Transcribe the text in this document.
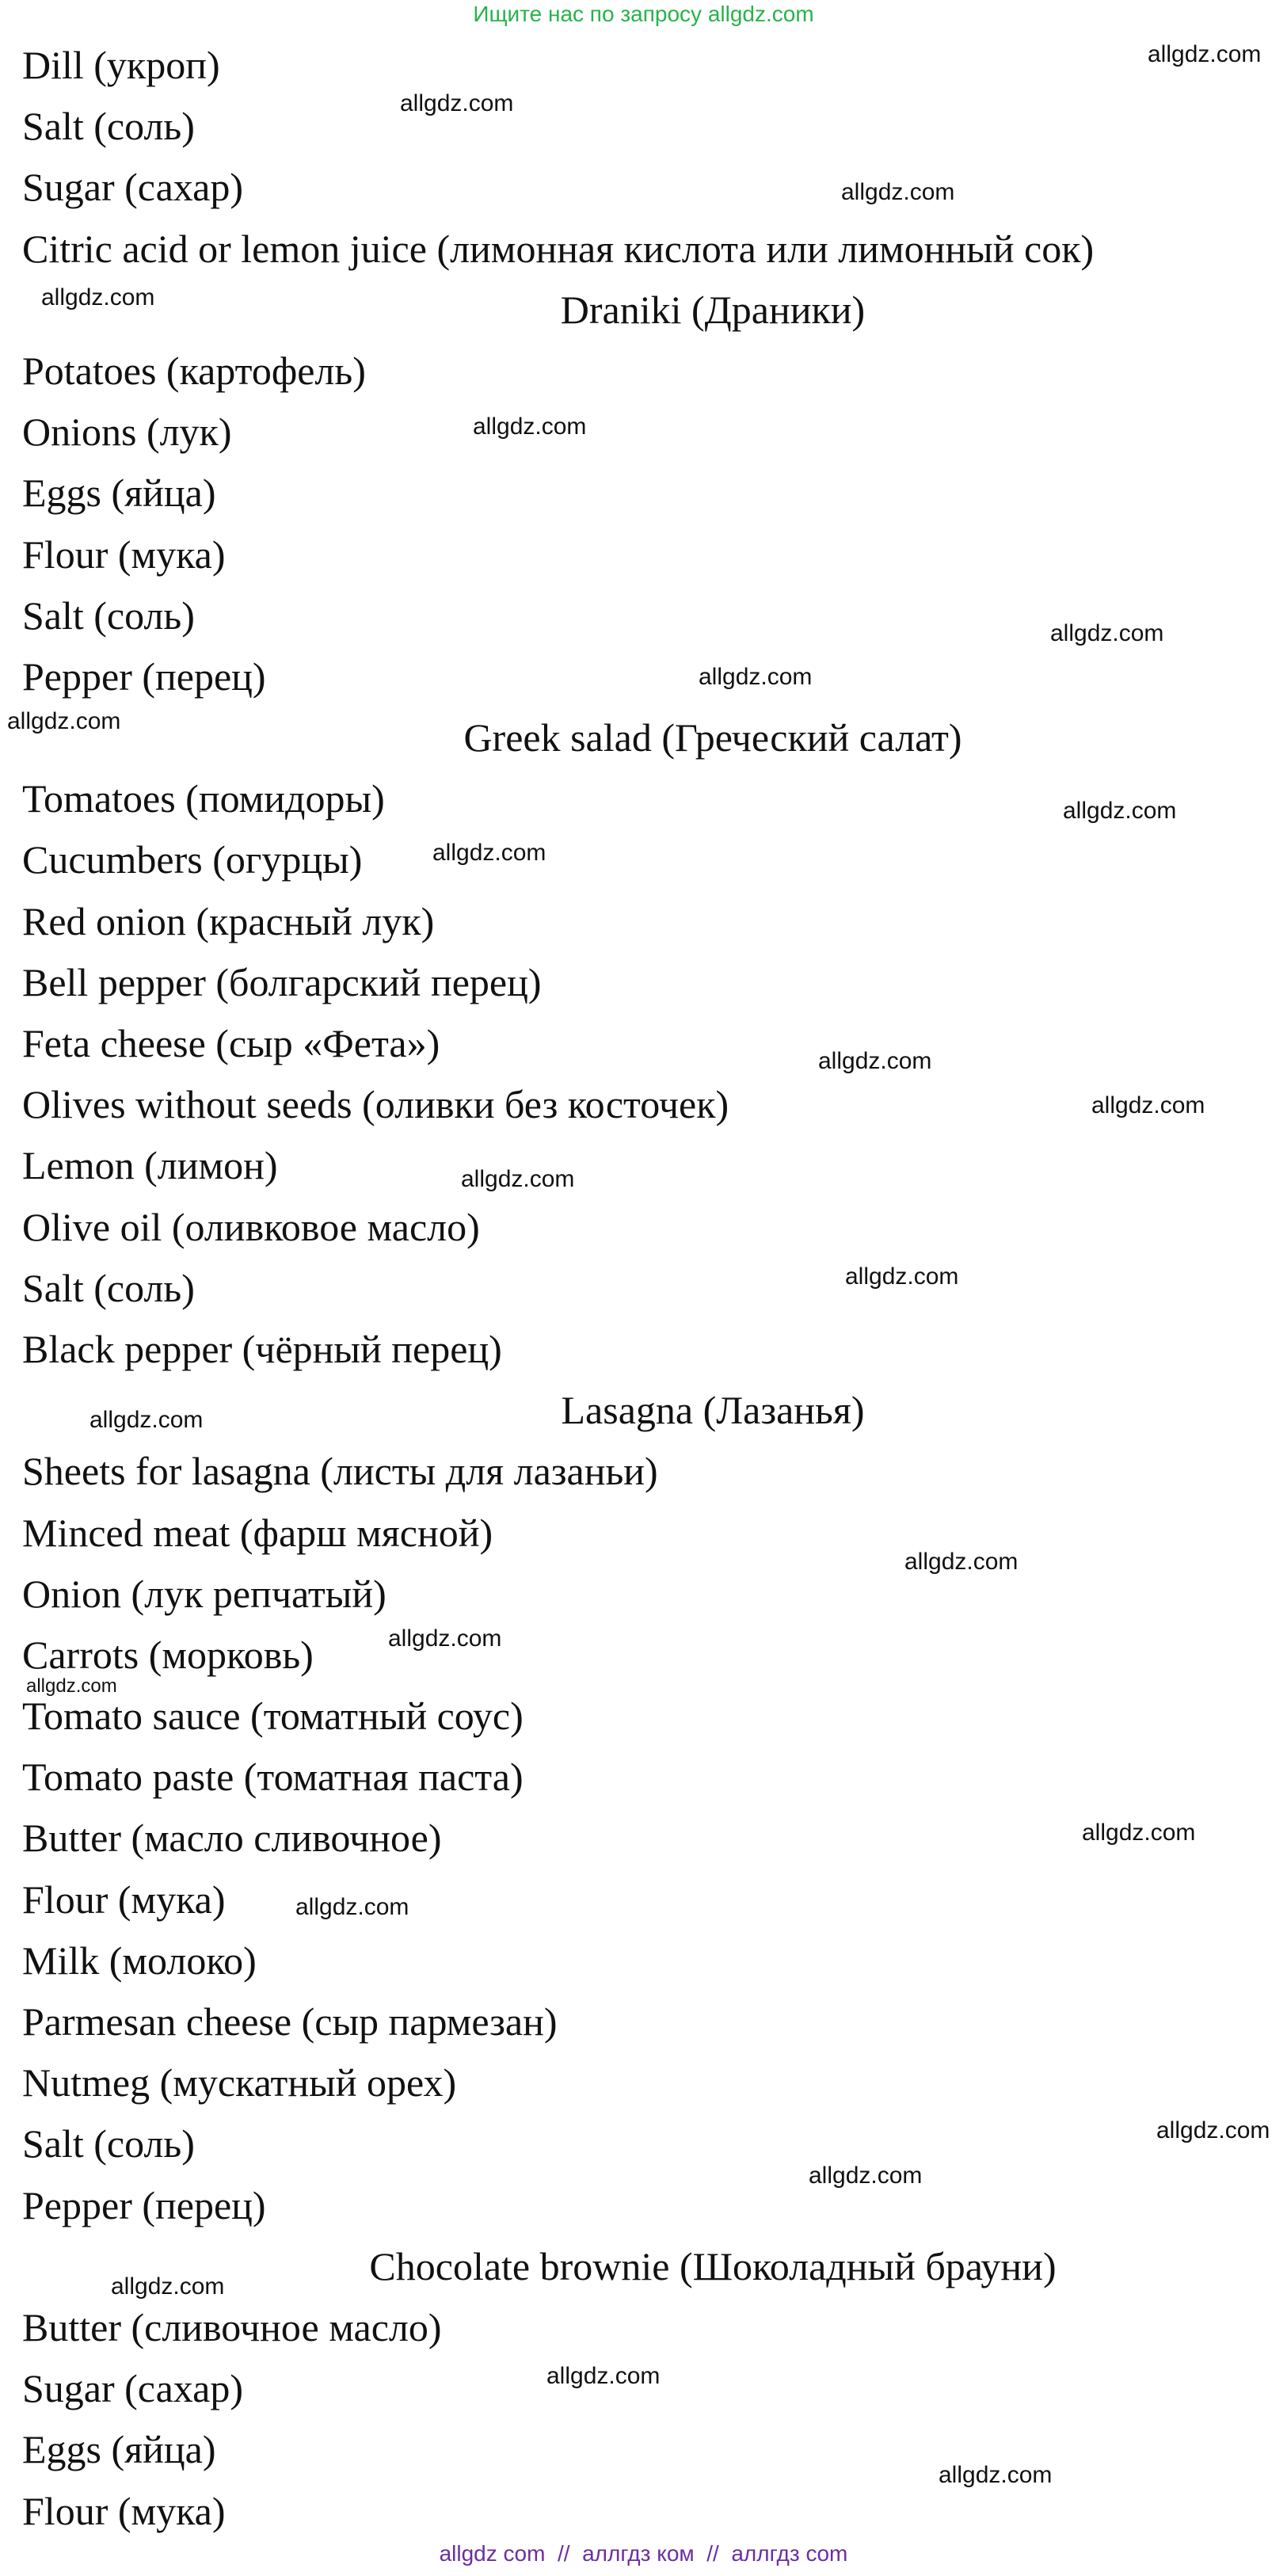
Ищите нас по запросу allgdz.com
Dill (укроп)
Salt (соль)
Sugar (сахар)
Citric acid or lemon juice (лимонная кислота или лимонный сок)
Draniki (Драники)
Potatoes (картофель)
Onions (лук)
Eggs (яйца)
Flour (мука)
Salt (соль)
Pepper (перец)
Greek salad (Греческий салат)
Tomatoes (помидоры)
Cucumbers (огурцы)
Red onion (красный лук)
Bell pepper (болгарский перец)
Feta cheese (сыр «Фета»)
Olives without seeds (оливки без косточек)
Lemon (лимон)
Olive oil (оливковое масло)
Salt (соль)
Black pepper (чёрный перец)
Lasagna (Лазанья)
Sheets for lasagna (листы для лазаньи)
Minced meat (фарш мясной)
Onion (лук репчатый)
Carrots (морковь)
Tomato sauce (томатный соус)
Tomato paste (томатная паста)
Butter (масло сливочное)
Flour (мука)
Milk (молоко)
Parmesan cheese (сыр пармезан)
Nutmeg (мускатный орех)
Salt (соль)
Pepper (перец)
Chocolate brownie (Шоколадный брауни)
Butter (сливочное масло)
Sugar (сахар)
Eggs (яйца)
Flour (мука)
allgdz.com
allgdz.com
allgdz.com
allgdz.com
allgdz.com
allgdz.com
allgdz.com
allgdz.com
allgdz.com
allgdz.com
allgdz.com
allgdz.com
allgdz.com
allgdz.com
allgdz.com
allgdz.com
allgdz.com
allgdz.com
allgdz.com
allgdz.com
allgdz.com
allgdz.com
allgdz.com
allgdz.com
allgdz.com
allgdz com  //  аллгдз ком  //  аллгдз com
